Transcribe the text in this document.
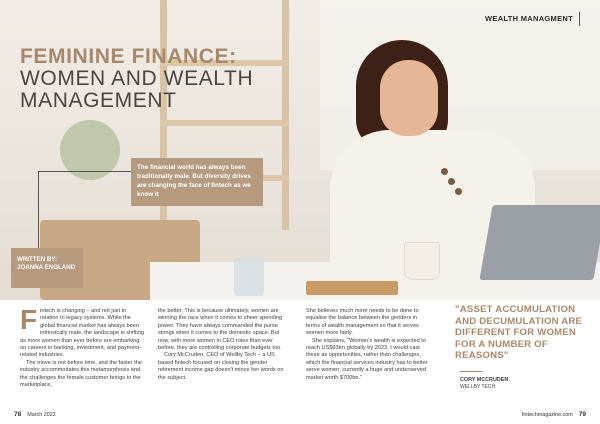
WEALTH MANAGMENT
FEMININE FINANCE:
WOMEN AND WEALTH
MANAGEMENT
The financial world has always been traditionally male. But diversity drives are changing the face of fintech as we know it
WRITTEN BY:
JOANNA ENGLAND

Fintech is changing – and not just in relation to legacy systems. While the global financial market has always been intrinsically male, the landscape is shifting as more women than ever before are embarking on careers in banking, investment, and payment-related industries.

The move is not before time, and the faster the industry accommodates this metamorphosis and the challenges the female customer brings to the marketplace,

the better. This is because ultimately, women are winning the race when it comes to sheer spending power. They have always commanded the purse strings when it comes to the domestic space. But now, with more women in CEO roles than ever before, they are controlling corporate budgets too.

Cory McCruden, CEO of Wellby Tech – a US based fintech focused on closing the gender retirement income gap doesn't mince her words on the subject.

She believes much more needs to be done to equalise the balance between the genders in terms of wealth management so that it serves women more fairly.

She explains, "Women's wealth is expected to reach US$93trn globally by 2023. I would cast these as opportunities, rather than challenges, which the financial services industry has to better serve women, currently a huge and underserved market worth $700bn."

"ASSET ACCUMULATION AND DECUMULATION ARE DIFFERENT FOR WOMEN FOR A NUMBER OF REASONS"
CORY MCCRUDEN
WELLBY TECH
78 March 2022	fintechmagazine.com 79
